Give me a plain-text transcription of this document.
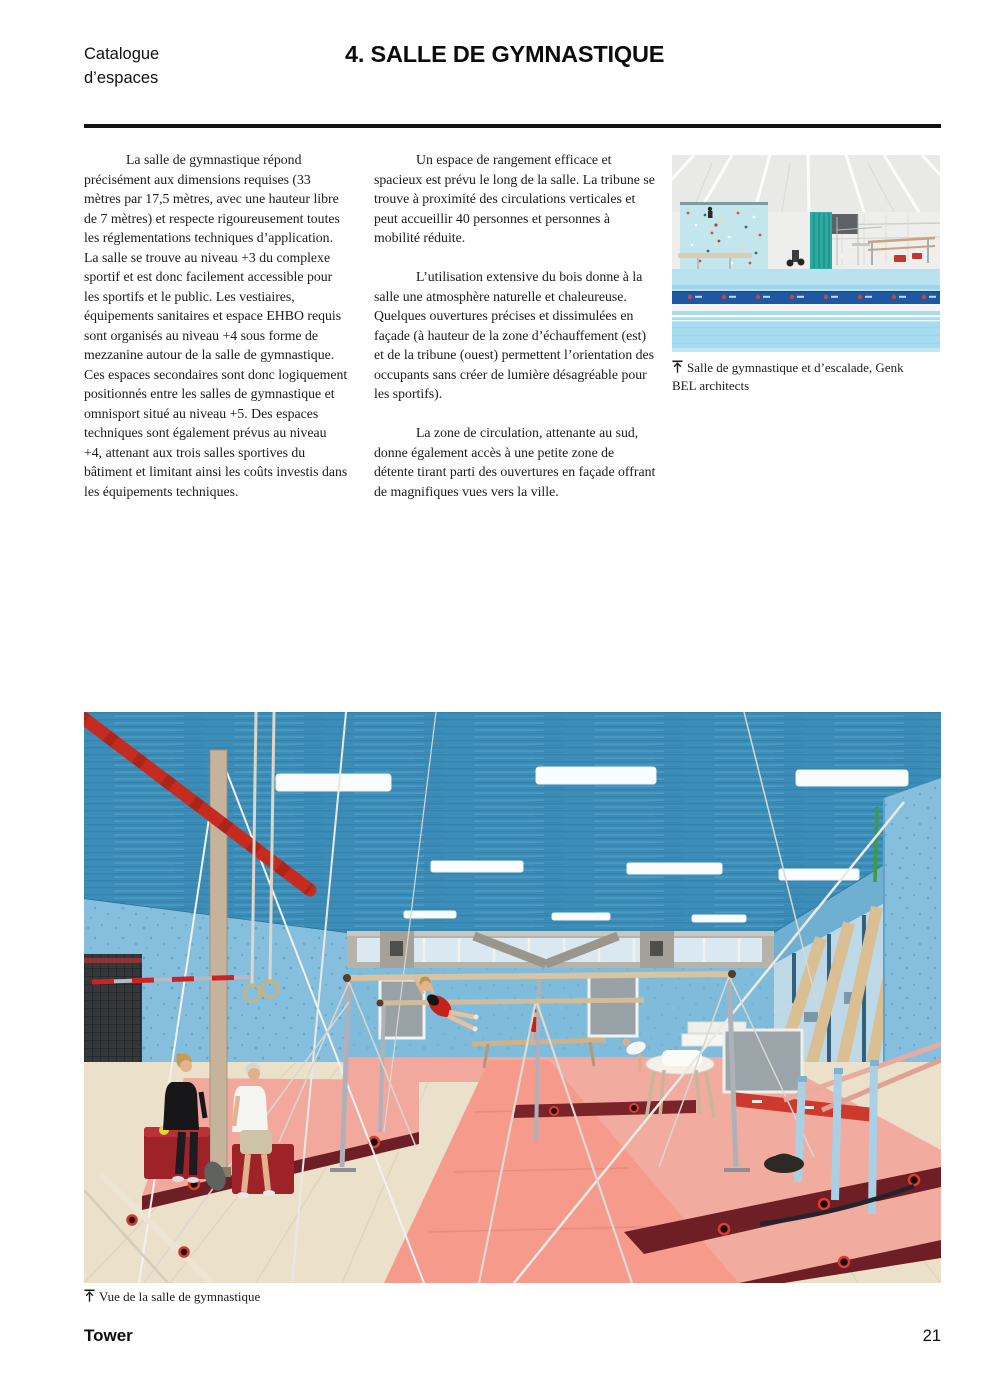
Catalogue
d’espaces
4. SALLE DE GYMNASTIQUE

La salle de gymnastique répond précisément aux dimensions requises (33 mètres par 17,5 mètres, avec une hauteur libre de 7 mètres) et respecte rigoureusement toutes les réglementations techniques d’application. La salle se trouve au niveau +3 du complexe sportif et est donc facilement accessible pour les sportifs et le public. Les vestiaires, équipements sanitaires et espace EHBO requis sont organisés au niveau +4 sous forme de mezzanine autour de la salle de gymnastique. Ces espaces secondaires sont donc logiquement positionnés entre les salles de gymnastique et omnisport situé au niveau +5. Des espaces techniques sont également prévus au niveau +4, attenant aux trois salles sportives du bâtiment et limitant ainsi les coûts investis dans les équipements techniques.

Un espace de rangement efficace et spacieux est prévu le long de la salle. La tribune se trouve à proximité des circulations verticales et peut accueillir 40 personnes et personnes à mobilité réduite.

L’utilisation extensive du bois donne à la salle une atmosphère naturelle et chaleureuse. Quelques ouvertures précises et dissimulées en façade (à hauteur de la zone d’échauffement (est) et de la tribune (ouest) permettent l’orientation des occupants sans créer de lumière désagréable pour les sportifs).

La zone de circulation, attenante au sud, donne également accès à une petite zone de détente tirant parti des ouvertures en façade offrant de magnifiques vues vers la ville.

Salle de gymnastique et d’escalade, Genk
BEL architects
Vue de la salle de gymnastique
Tower	21
